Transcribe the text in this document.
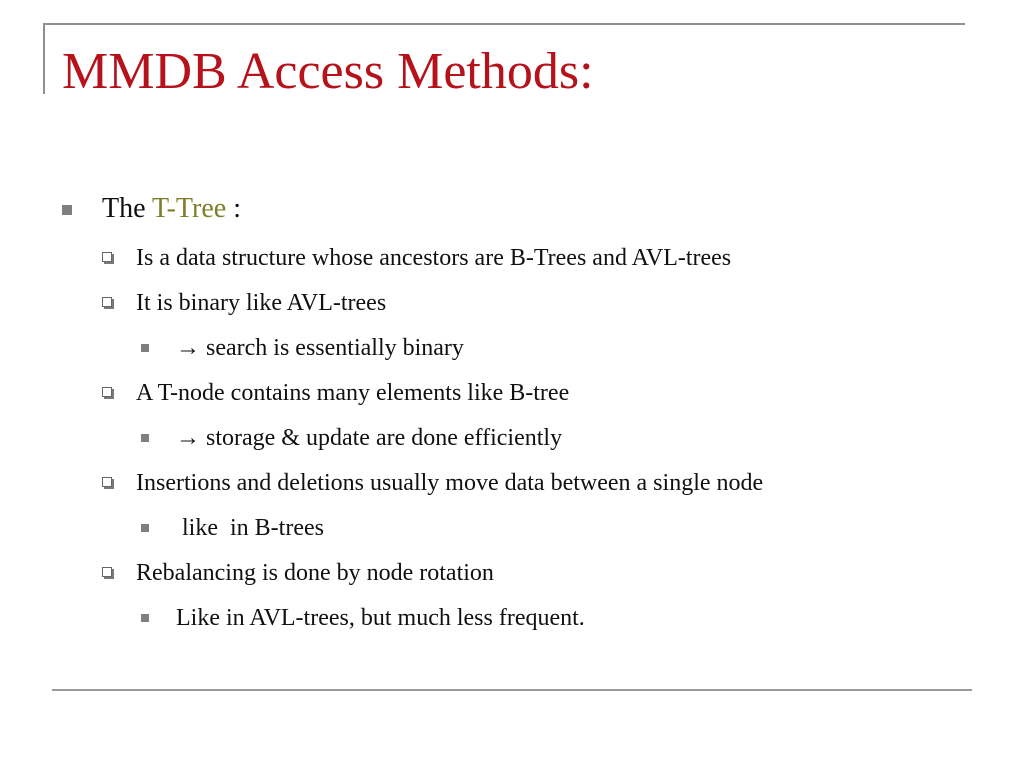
MMDB Access Methods:
The T-Tree :
Is a data structure whose ancestors are B-Trees and AVL-trees
It is binary like AVL-trees
→ search is essentially binary
A T-node contains many elements like B-tree
→ storage & update are done efficiently
Insertions and deletions usually move data between a single node
like  in B-trees
Rebalancing is done by node rotation
Like in AVL-trees, but much less frequent.
